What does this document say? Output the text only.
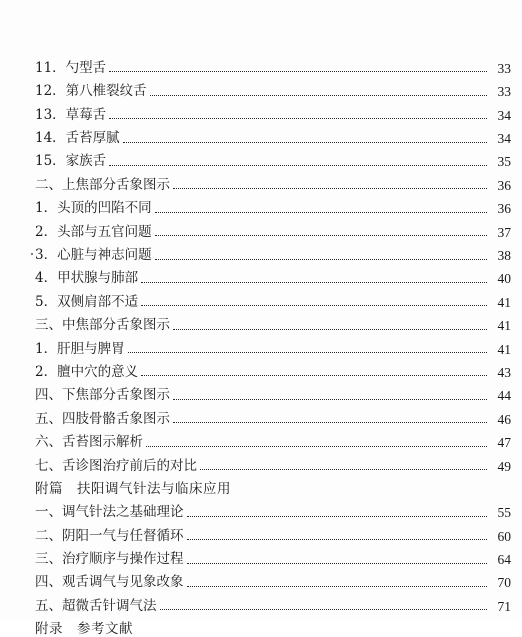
11．勺型舌	33
12．第八椎裂纹舌	33
13．草莓舌	34
14．舌苔厚腻	34
15．家族舌	35
二、上焦部分舌象图示	36
1．头顶的凹陷不同	36
2．头部与五官问题	37
3．心脏与神志问题	38
4．甲状腺与肺部	40
5．双侧肩部不适	41
三、中焦部分舌象图示	41
1．肝胆与脾胃	41
2．膻中穴的意义	43
四、下焦部分舌象图示	44
五、四肢骨骼舌象图示	46
六、舌苔图示解析	47
七、舌诊图治疗前后的对比	49
附篇　扶阳调气针法与临床应用
一、调气针法之基础理论	55
二、阴阳一气与任督循环	60
三、治疗顺序与操作过程	64
四、观舌调气与见象改象	70
五、超微舌针调气法	71
附录　参考文献
